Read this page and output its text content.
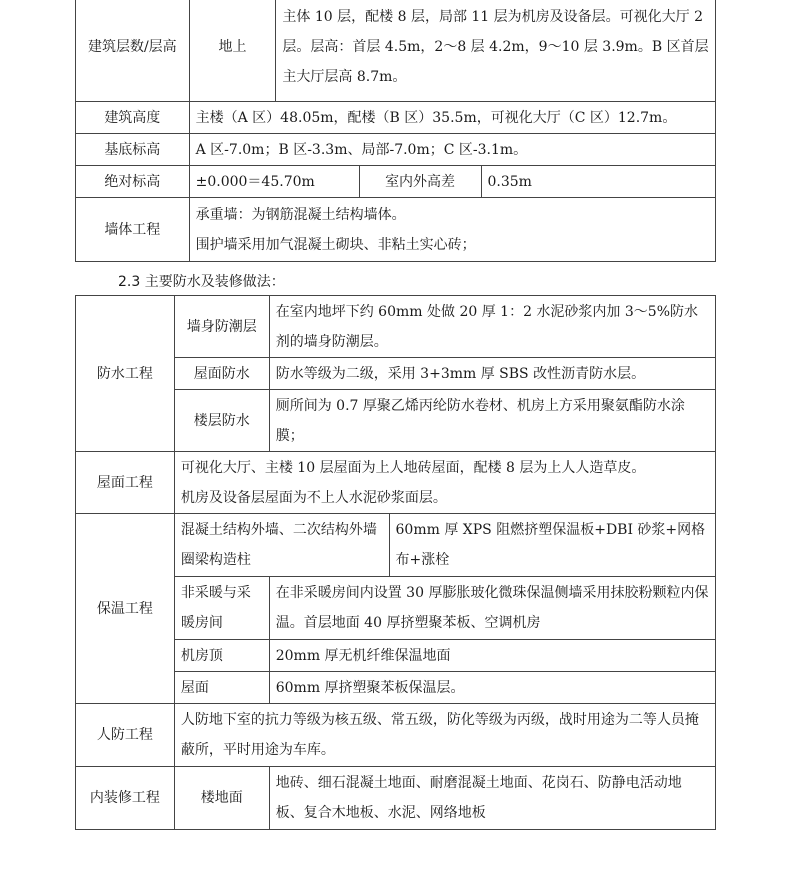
建筑层数/层高	地上	主体 10 层，配楼 8 层，局部 11 层为机房及设备层。可视化大厅 2 层。层高：首层 4.5m，2～8 层 4.2m，9～10 层 3.9m。B 区首层主大厅层高 8.7m。		
建筑高度	主楼（A 区）48.05m，配楼（B 区）35.5m，可视化大厅（C 区）12.7m。			
基底标高	A 区-7.0m；B 区-3.3m、局部-7.0m；C 区-3.1m。			
绝对标高	±0.000＝45.70m		室内外高差	0.35m
墙体工程	承重墙：为钢筋混凝土结构墙体。
围护墙采用加气混凝土砌块、非粘土实心砖；			
2.3 主要防水及装修做法：
防水工程	墙身防潮层	在室内地坪下约 60mm 处做 20 厚 1：2 水泥砂浆内加 3～5%防水剂的墙身防潮层。	
	屋面防水	防水等级为二级，采用 3+3mm 厚 SBS 改性沥青防水层。	
	楼层防水	厕所间为 0.7 厚聚乙烯丙纶防水卷材、机房上方采用聚氨酯防水涂膜；	
屋面工程	可视化大厅、主楼 10 层屋面为上人地砖屋面，配楼 8 层为上人人造草皮。
机房及设备层屋面为不上人水泥砂浆面层。		

保温工程	混凝土结构外墙、二次结构外墙圈梁构造柱		60mm 厚 XPS 阻燃挤塑保温板+DBI 砂浆+网格布+涨栓
	非采暖与采暖房间	在非采暖房间内设置 30 厚膨胀玻化微珠保温侧墙采用抹胶粉颗粒内保温。首层地面 40 厚挤塑聚苯板、空调机房	
	机房顶	20mm 厚无机纤维保温地面	
	屋面	60mm 厚挤塑聚苯板保温层。	
人防工程	人防地下室的抗力等级为核五级、常五级，防化等级为丙级，战时用途为二等人员掩蔽所，平时用途为车库。		
内装修工程	楼地面	地砖、细石混凝土地面、耐磨混凝土地面、花岗石、防静电活动地板、复合木地板、水泥、网络地板	
